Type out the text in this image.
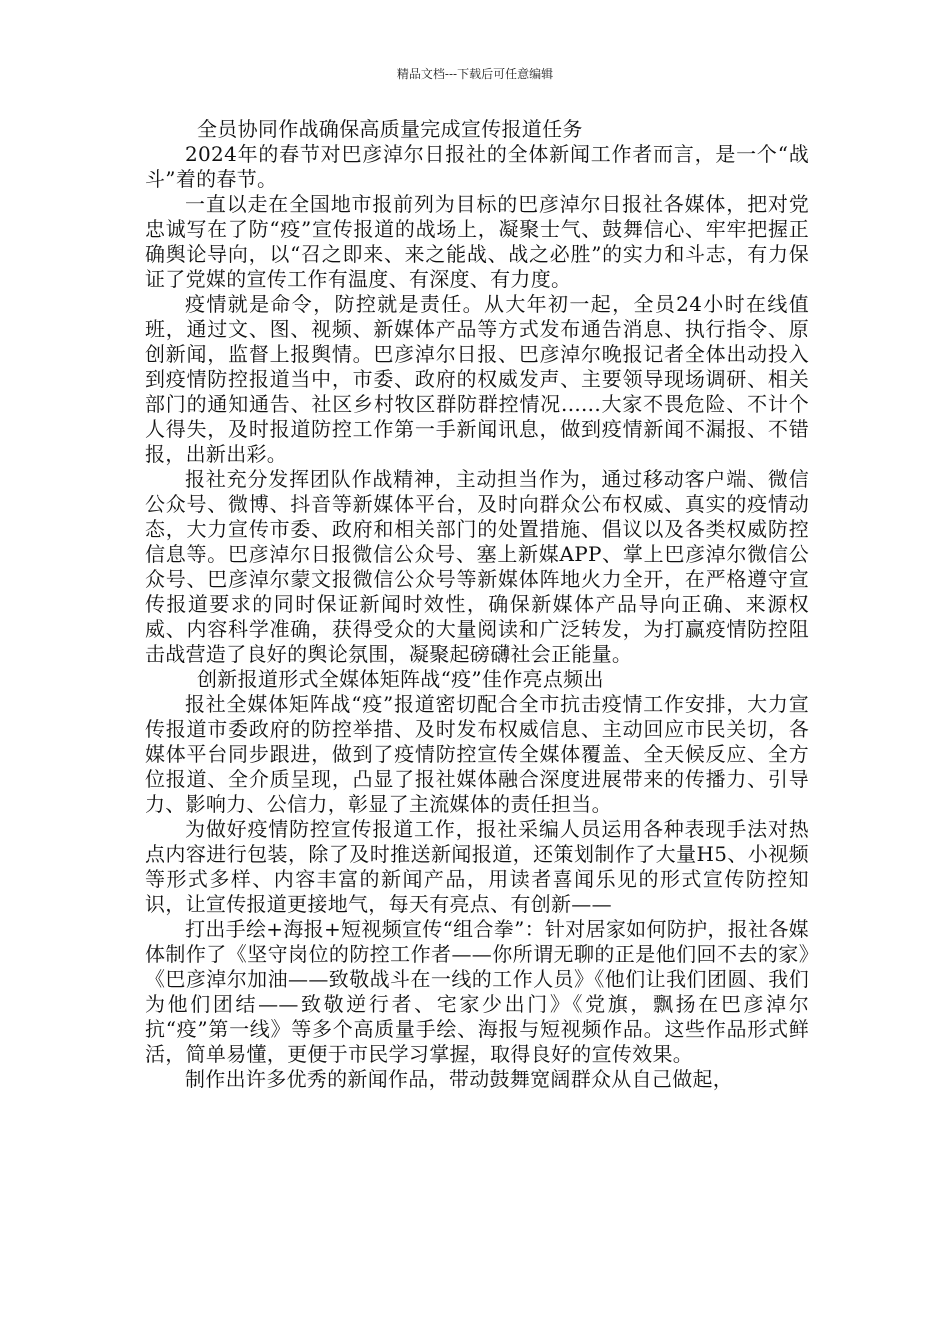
精品文档---下载后可任意编辑

全员协同作战确保高质量完成宣传报道任务

2024年的春节对巴彦淖尔日报社的全体新闻工作者而言，是一个“战斗”着的春节。

一直以走在全国地市报前列为目标的巴彦淖尔日报社各媒体，把对党忠诚写在了防“疫”宣传报道的战场上，凝聚士气、鼓舞信心、牢牢把握正确舆论导向，以“召之即来、来之能战、战之必胜”的实力和斗志，有力保证了党媒的宣传工作有温度、有深度、有力度。

疫情就是命令，防控就是责任。从大年初一起，全员24小时在线值班，通过文、图、视频、新媒体产品等方式发布通告消息、执行指令、原创新闻，监督上报舆情。巴彦淖尔日报、巴彦淖尔晚报记者全体出动投入到疫情防控报道当中，市委、政府的权威发声、主要领导现场调研、相关部门的通知通告、社区乡村牧区群防群控情况......大家不畏危险、不计个人得失，及时报道防控工作第一手新闻讯息，做到疫情新闻不漏报、不错报，出新出彩。

报社充分发挥团队作战精神，主动担当作为，通过移动客户端、微信公众号、微博、抖音等新媒体平台，及时向群众公布权威、真实的疫情动态，大力宣传市委、政府和相关部门的处置措施、倡议以及各类权威防控信息等。巴彦淖尔日报微信公众号、塞上新媒APP、掌上巴彦淖尔微信公众号、巴彦淖尔蒙文报微信公众号等新媒体阵地火力全开，在严格遵守宣传报道要求的同时保证新闻时效性，确保新媒体产品导向正确、来源权威、内容科学准确，获得受众的大量阅读和广泛转发，为打赢疫情防控阻击战营造了良好的舆论氛围，凝聚起磅礴社会正能量。

创新报道形式全媒体矩阵战“疫”佳作亮点频出

报社全媒体矩阵战“疫”报道密切配合全市抗击疫情工作安排，大力宣传报道市委政府的防控举措、及时发布权威信息、主动回应市民关切，各媒体平台同步跟进，做到了疫情防控宣传全媒体覆盖、全天候反应、全方位报道、全介质呈现，凸显了报社媒体融合深度进展带来的传播力、引导力、影响力、公信力，彰显了主流媒体的责任担当。

为做好疫情防控宣传报道工作，报社采编人员运用各种表现手法对热点内容进行包装，除了及时推送新闻报道，还策划制作了大量H5、小视频等形式多样、内容丰富的新闻产品，用读者喜闻乐见的形式宣传防控知识，让宣传报道更接地气，每天有亮点、有创新——

打出手绘+海报+短视频宣传“组合拳”：针对居家如何防护，报社各媒体制作了《坚守岗位的防控工作者——你所谓无聊的正是他们回不去的家》《巴彦淖尔加油——致敬战斗在一线的工作人员》《他们让我们团圆、我们为他们团结——致敬逆行者、宅家少出门》《党旗，飘扬在巴彦淖尔抗“疫”第一线》等多个高质量手绘、海报与短视频作品。这些作品形式鲜活，简单易懂，更便于市民学习掌握，取得良好的宣传效果。

制作出许多优秀的新闻作品，带动鼓舞宽阔群众从自己做起，
